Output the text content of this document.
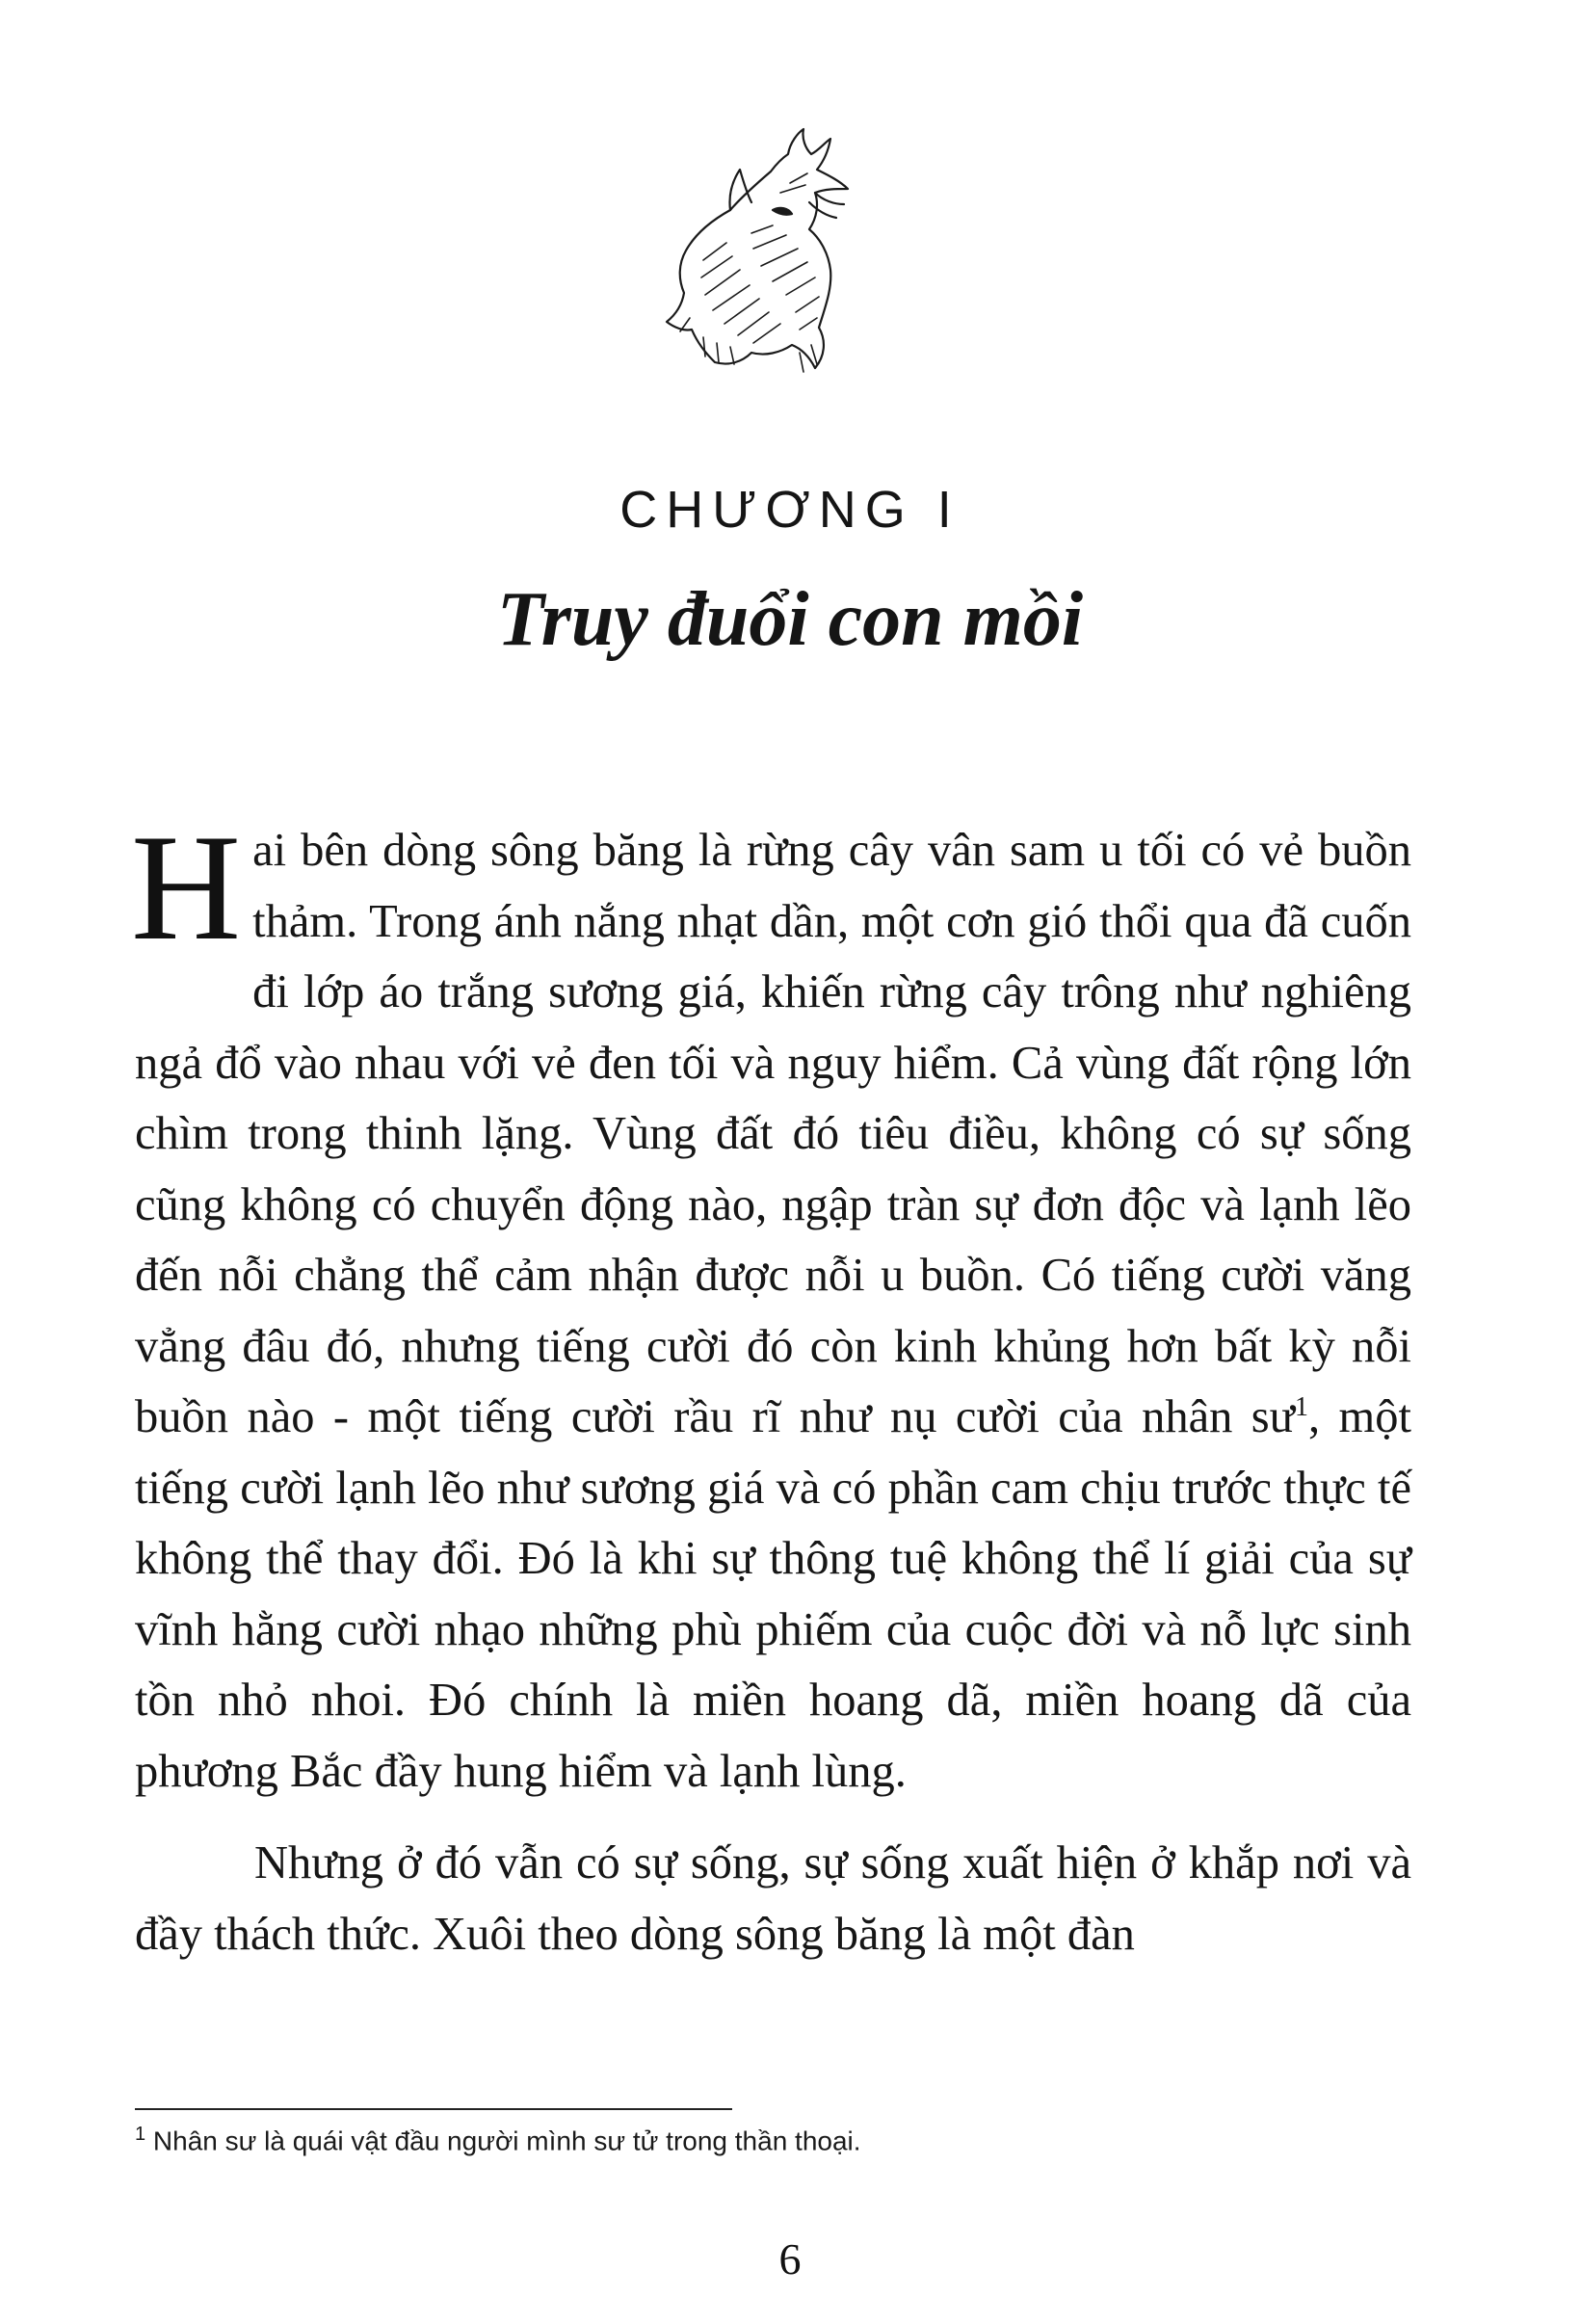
CHƯƠNG I
Truy đuổi con mồi

Hai bên dòng sông băng là rừng cây vân sam u tối có vẻ buồn thảm. Trong ánh nắng nhạt dần, một cơn gió thổi qua đã cuốn đi lớp áo trắng sương giá, khiến rừng cây trông như nghiêng ngả đổ vào nhau với vẻ đen tối và nguy hiểm. Cả vùng đất rộng lớn chìm trong thinh lặng. Vùng đất đó tiêu điều, không có sự sống cũng không có chuyển động nào, ngập tràn sự đơn độc và lạnh lẽo đến nỗi chẳng thể cảm nhận được nỗi u buồn. Có tiếng cười văng vẳng đâu đó, nhưng tiếng cười đó còn kinh khủng hơn bất kỳ nỗi buồn nào - một tiếng cười rầu rĩ như nụ cười của nhân sư$^1$, một tiếng cười lạnh lẽo như sương giá và có phần cam chịu trước thực tế không thể thay đổi. Đó là khi sự thông tuệ không thể lí giải của sự vĩnh hằng cười nhạo những phù phiếm của cuộc đời và nỗ lực sinh tồn nhỏ nhoi. Đó chính là miền hoang dã, miền hoang dã của phương Bắc đầy hung hiểm và lạnh lùng.

Nhưng ở đó vẫn có sự sống, sự sống xuất hiện ở khắp nơi và đầy thách thức. Xuôi theo dòng sông băng là một đàn

$^1$ Nhân sư là quái vật đầu người mình sư tử trong thần thoại.
6
